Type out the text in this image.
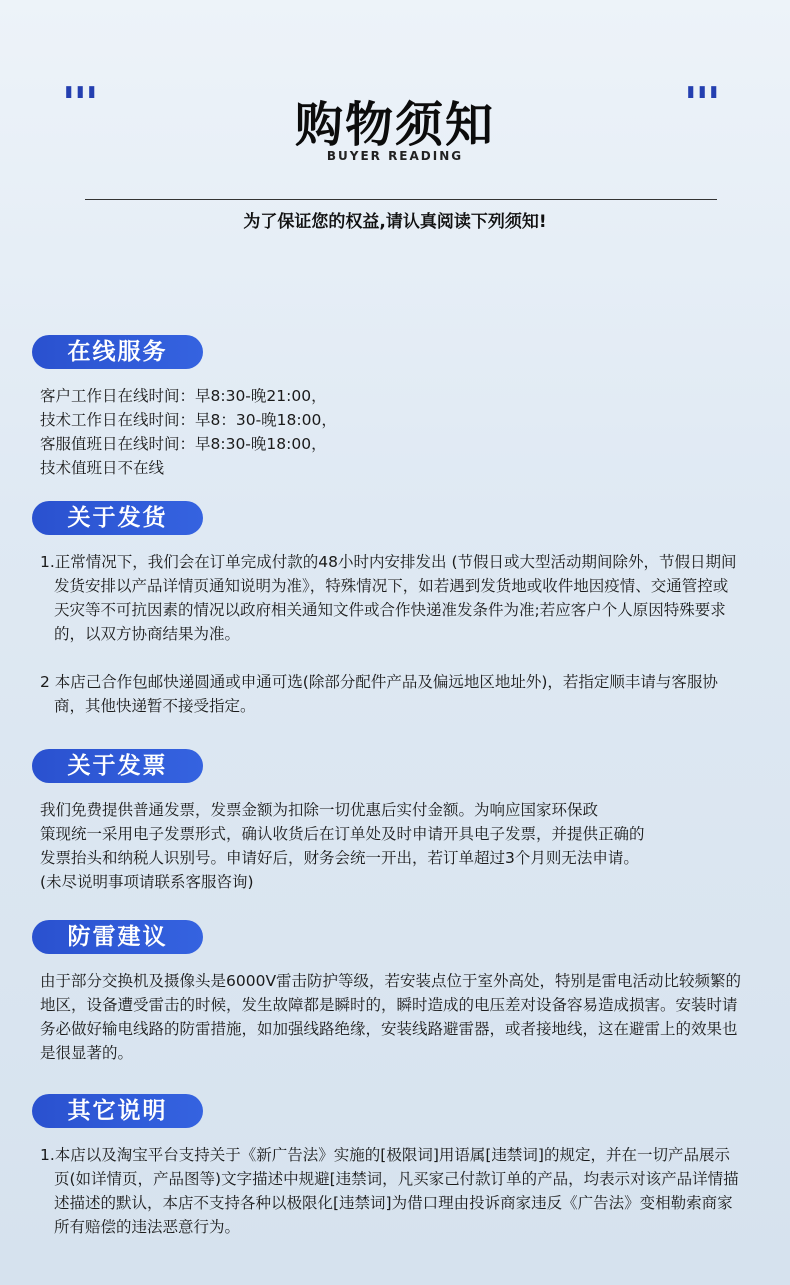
'''	'''
购物须知
BUYER READING
为了保证您的权益,请认真阅读下列须知!
在线服务

客户工作日在线时间：早8:30-晚21:00，

技术工作日在线时间：早8：30-晚18:00，

客服值班日在线时间：早8:30-晚18:00，

技术值班日不在线

关于发货

1.正常情况下，我们会在订单完成付款的48小时内安排发出 (节假日或大型活动期间除外，节假日期间发货安排以产品详情页通知说明为准》，特殊情况下，如若遇到发货地或收件地因疫情、交通管控或天灾等不可抗因素的情况以政府相关通知文件或合作快递准发条件为准;若应客户个人原因特殊要求的，以双方协商结果为准。

2 本店己合作包邮快递圆通或申通可选(除部分配件产品及偏远地区地址外)，若指定顺丰请与客服协商，其他快递暂不接受指定。

关于发票

我们免费提供普通发票，发票金额为扣除一切优惠后实付金额。为响应国家环保政

策现统一采用电子发票形式，确认收货后在订单处及时申请开具电子发票，并提供正确的

发票抬头和纳税人识别号。申请好后，财务会统一开出，若订单超过3个月则无法申请。

(未尽说明事项请联系客服咨询)

防雷建议

由于部分交换机及摄像头是6000V雷击防护等级，若安装点位于室外高处，特别是雷电活动比较频繁的地区，设备遭受雷击的时候，发生故障都是瞬时的，瞬时造成的电压差对设备容易造成损害。安装时请务必做好输电线路的防雷措施，如加强线路绝缘，安装线路避雷器，或者接地线，这在避雷上的效果也是很显著的。

其它说明

1.本店以及淘宝平台支持关于《新广告法》实施的[极限词]用语属[违禁词]的规定，并在一切产品展示页(如详情页，产品图等)文字描述中规避[违禁词，凡买家己付款订单的产品，均表示对该产品详情描述描述的默认，本店不支持各种以极限化[违禁词]为借口理由投诉商家违反《广告法》变相勒索商家所有赔偿的违法恶意行为。
